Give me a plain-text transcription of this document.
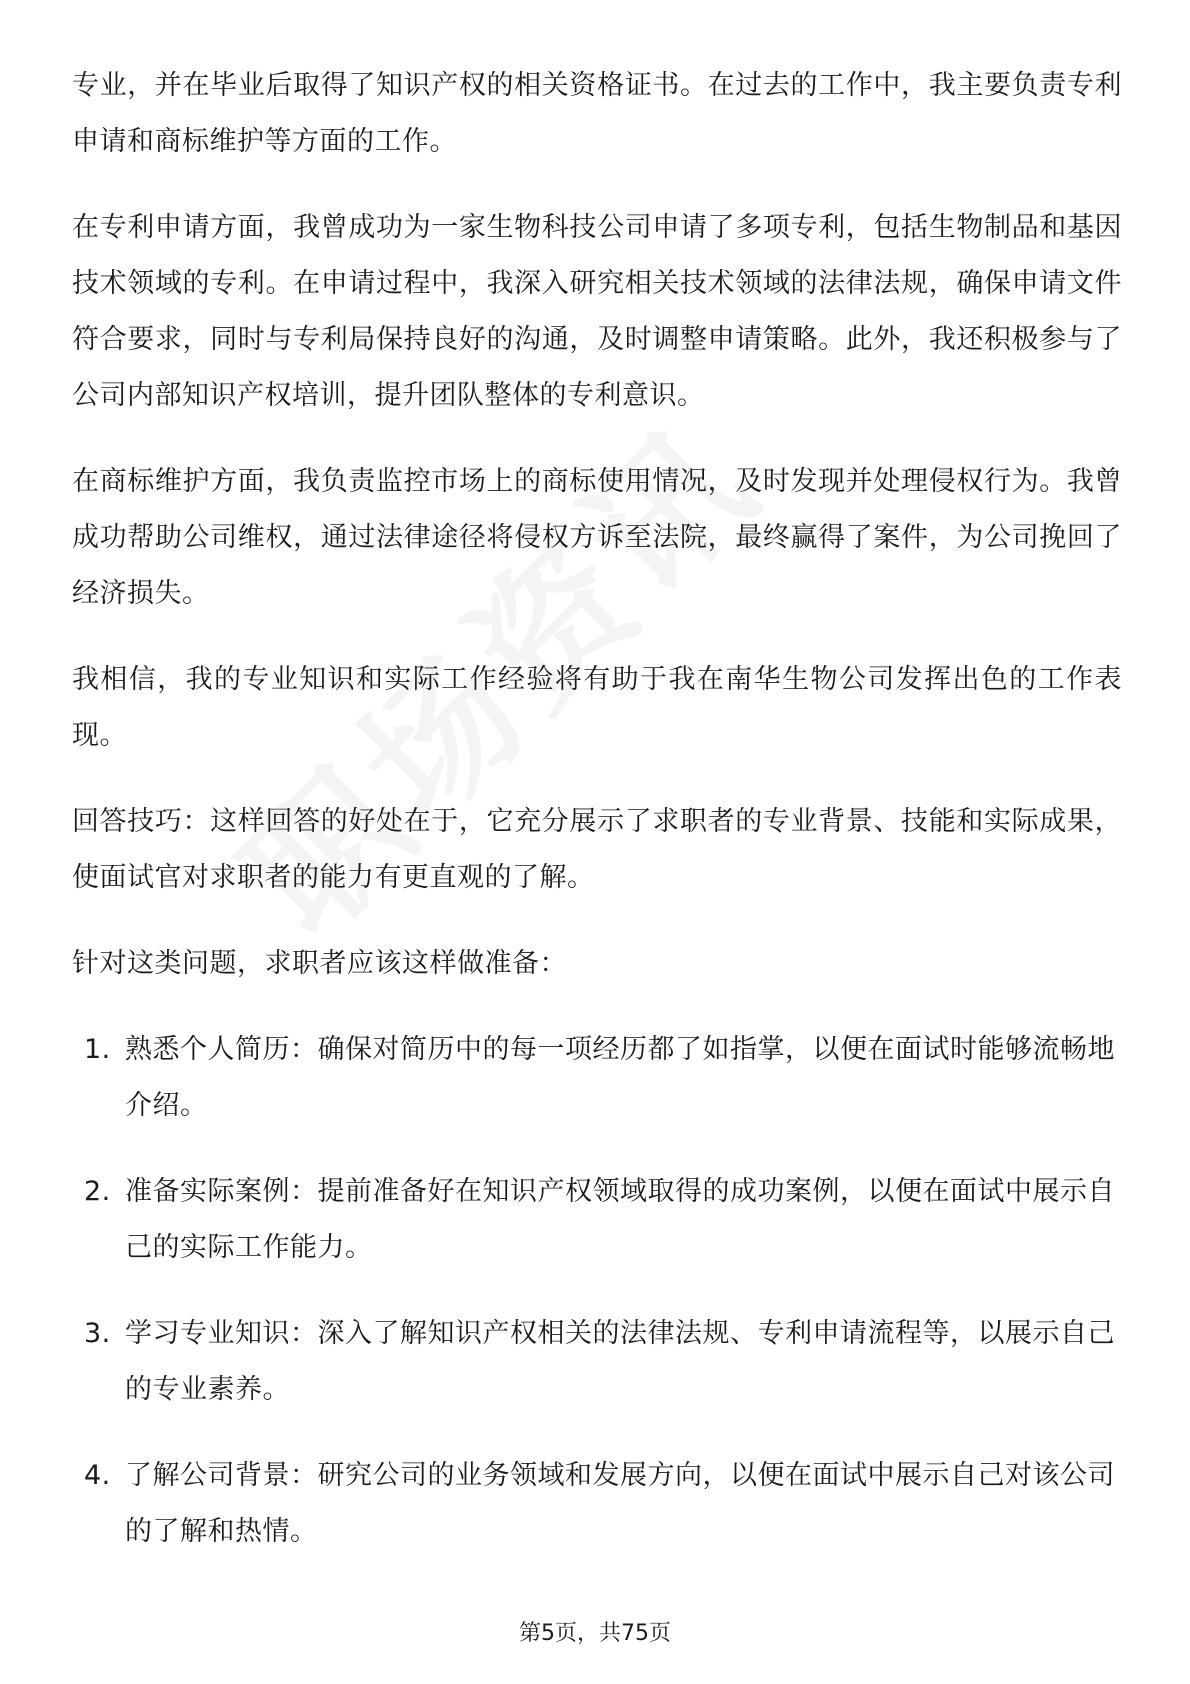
专业，并在毕业后取得了知识产权的相关资格证书。在过去的工作中，我主要负责专利申请和商标维护等方面的工作。

在专利申请方面，我曾成功为一家生物科技公司申请了多项专利，包括生物制品和基因技术领域的专利。在申请过程中，我深入研究相关技术领域的法律法规，确保申请文件符合要求，同时与专利局保持良好的沟通，及时调整申请策略。此外，我还积极参与了公司内部知识产权培训，提升团队整体的专利意识。

在商标维护方面，我负责监控市场上的商标使用情况，及时发现并处理侵权行为。我曾成功帮助公司维权，通过法律途径将侵权方诉至法院，最终赢得了案件，为公司挽回了经济损失。

我相信，我的专业知识和实际工作经验将有助于我在南华生物公司发挥出色的工作表现。

回答技巧：这样回答的好处在于，它充分展示了求职者的专业背景、技能和实际成果，使面试官对求职者的能力有更直观的了解。

针对这类问题，求职者应该这样做准备：

1. 熟悉个人简历：确保对简历中的每一项经历都了如指掌，以便在面试时能够流畅地介绍。
2. 准备实际案例：提前准备好在知识产权领域取得的成功案例，以便在面试中展示自己的实际工作能力。
3. 学习专业知识：深入了解知识产权相关的法律法规、专利申请流程等，以展示自己的专业素养。
4. 了解公司背景：研究公司的业务领域和发展方向，以便在面试中展示自己对该公司的了解和热情。
第5页，共75页
